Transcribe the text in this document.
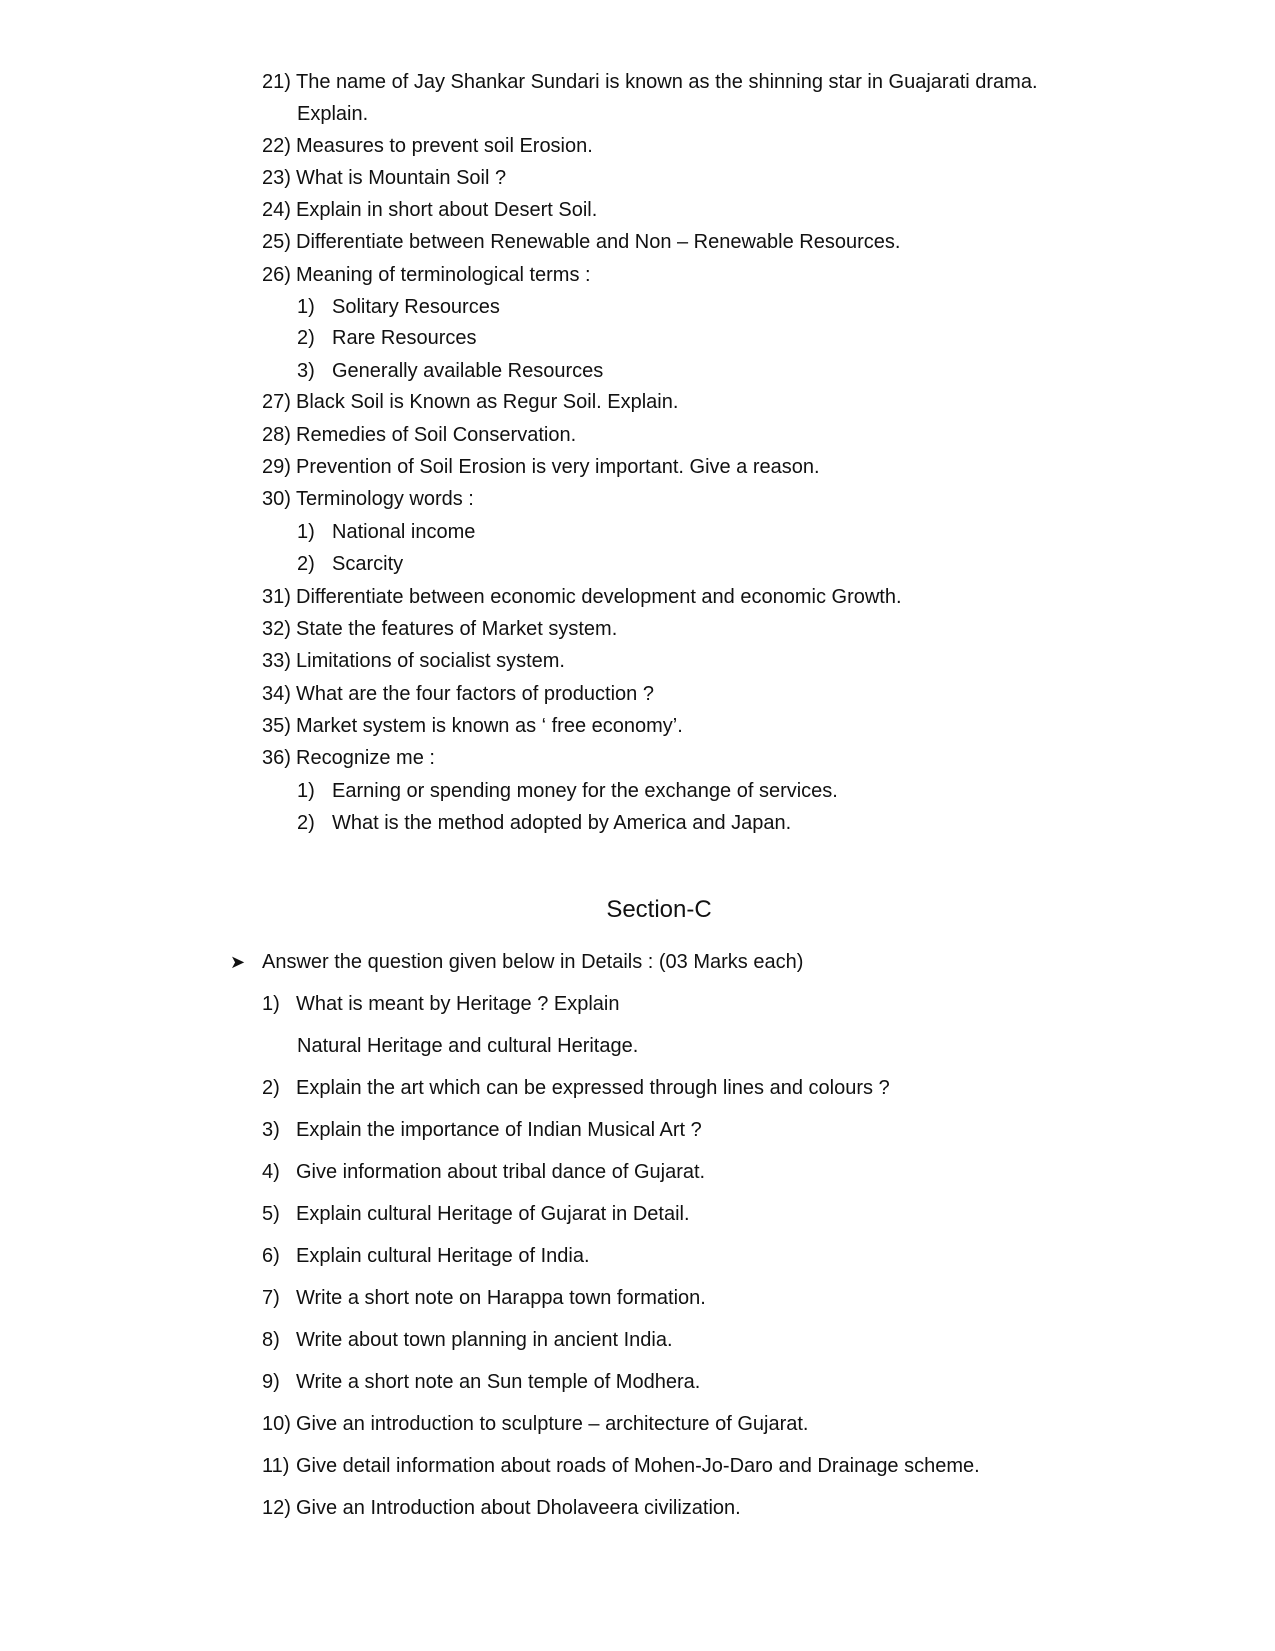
21) The name of Jay Shankar Sundari is known as the shinning star in Guajarati drama.
Explain.
22) Measures to prevent soil Erosion.
23) What is Mountain Soil ?
24) Explain in short about Desert Soil.
25) Differentiate between Renewable and Non – Renewable Resources.
26) Meaning of terminological terms :
1) Solitary Resources
2) Rare Resources
3) Generally available Resources
27) Black Soil is Known as Regur Soil. Explain.
28) Remedies of Soil Conservation.
29) Prevention of Soil Erosion is very important. Give a reason.
30) Terminology words :
1) National income
2) Scarcity
31) Differentiate between economic development and economic Growth.
32) State the features of Market system.
33) Limitations of socialist system.
34) What are the four factors of production ?
35) Market system is known as ‘ free economy’.
36) Recognize me :
1) Earning or spending money for the exchange of services.
2) What is the method adopted by America and Japan.
Section-C
➤ Answer the question given below in Details : (03 Marks each)
1) What is meant by Heritage ? Explain
Natural Heritage and cultural Heritage.
2) Explain the art which can be expressed through lines and colours ?
3) Explain the importance of Indian Musical Art ?
4) Give information about tribal dance of Gujarat.
5) Explain cultural Heritage of Gujarat in Detail.
6) Explain cultural Heritage of India.
7) Write a short note on Harappa town formation.
8) Write about town planning in ancient India.
9) Write a short note an Sun temple of Modhera.
10) Give an introduction to sculpture – architecture of Gujarat.
11) Give detail information about roads of Mohen-Jo-Daro and Drainage scheme.
12) Give an Introduction about Dholaveera civilization.
